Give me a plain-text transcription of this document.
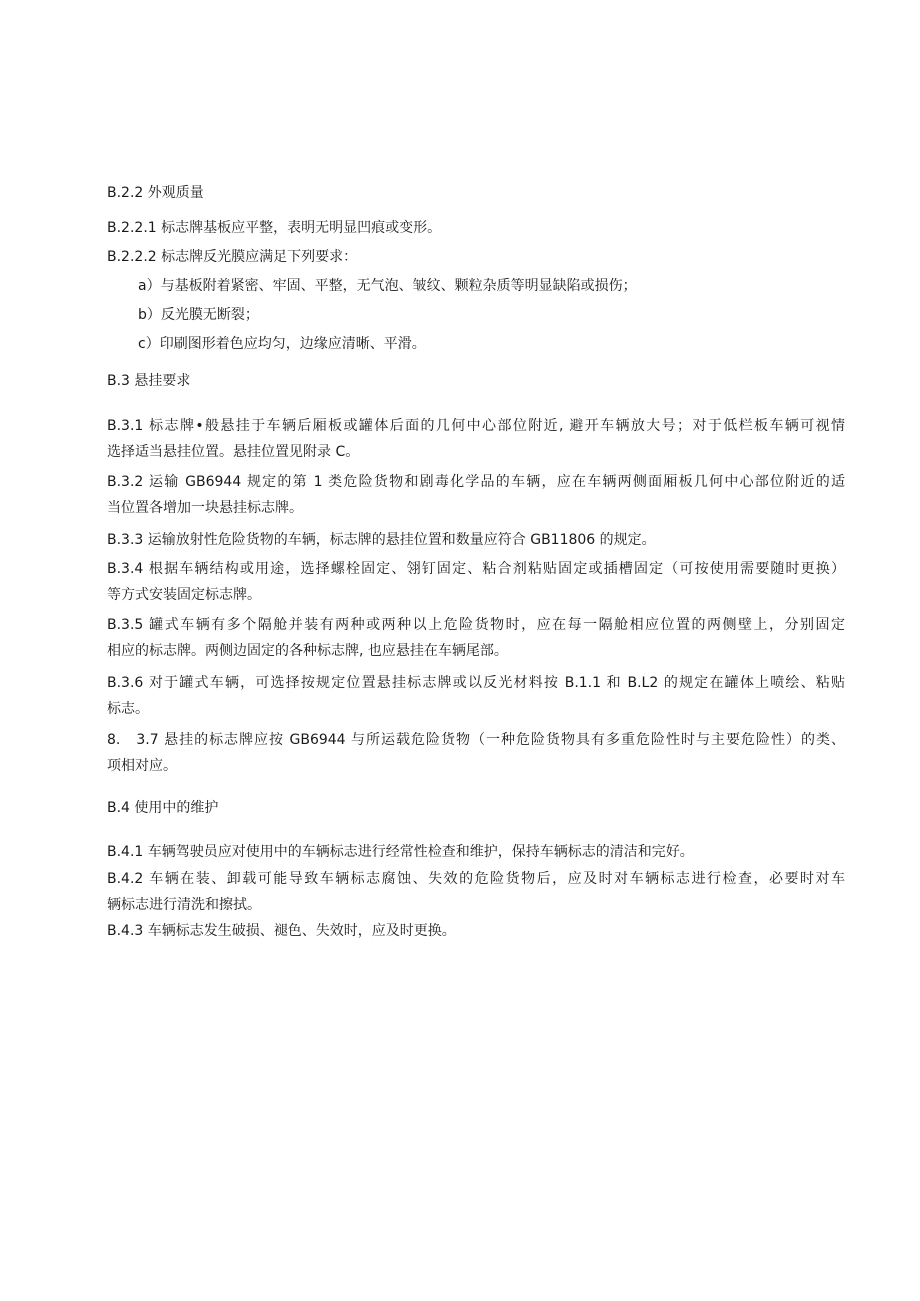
B.2.2 外观质量
B.2.2.1 标志牌基板应平整，表明无明显凹痕或变形。
B.2.2.2 标志牌反光膜应满足下列要求：
a）与基板附着紧密、牢固、平整，无气泡、皱纹、颗粒杂质等明显缺陷或损伤；
b）反光膜无断裂；
c）印刷图形着色应均匀，边缘应清晰、平滑。
B.3 悬挂要求
B.3.1 标志牌•般悬挂于车辆后厢板或罐体后面的几何中心部位附近, 避开车辆放大号；对于低栏板车辆可视情
选择适当悬挂位置。悬挂位置见附录 C。
B.3.2 运输 GB6944 规定的第 1 类危险货物和剧毒化学品的车辆，应在车辆两侧面厢板几何中心部位附近的适
当位置各增加一块悬挂标志牌。
B.3.3 运输放射性危险货物的车辆，标志牌的悬挂位置和数量应符合 GB11806 的规定。
B.3.4 根据车辆结构或用途，选择螺栓固定、翎钉固定、粘合剂粘贴固定或插槽固定（可按使用需要随时更换）
等方式安装固定标志牌。
B.3.5 罐式车辆有多个隔舱并装有两种或两种以上危险货物时，应在每一隔舱相应位置的两侧壁上，分别固定
相应的标志牌。两侧边固定的各种标志牌, 也应悬挂在车辆尾部。
B.3.6 对于罐式车辆，可选择按规定位置悬挂标志牌或以反光材料按 B.1.1 和 B.L2 的规定在罐体上喷绘、粘贴
标志。
8.　3.7 悬挂的标志牌应按 GB6944 与所运载危险货物（一种危险货物具有多重危险性时与主要危险性）的类、
项相对应。
B.4 使用中的维护
B.4.1 车辆驾驶员应对使用中的车辆标志进行经常性检查和维护，保持车辆标志的清洁和完好。
B.4.2 车辆在装、卸载可能导致车辆标志腐蚀、失效的危险货物后，应及时对车辆标志进行检查，必要时对车
辆标志进行清洗和擦拭。
B.4.3 车辆标志发生破损、褪色、失效时，应及时更换。
